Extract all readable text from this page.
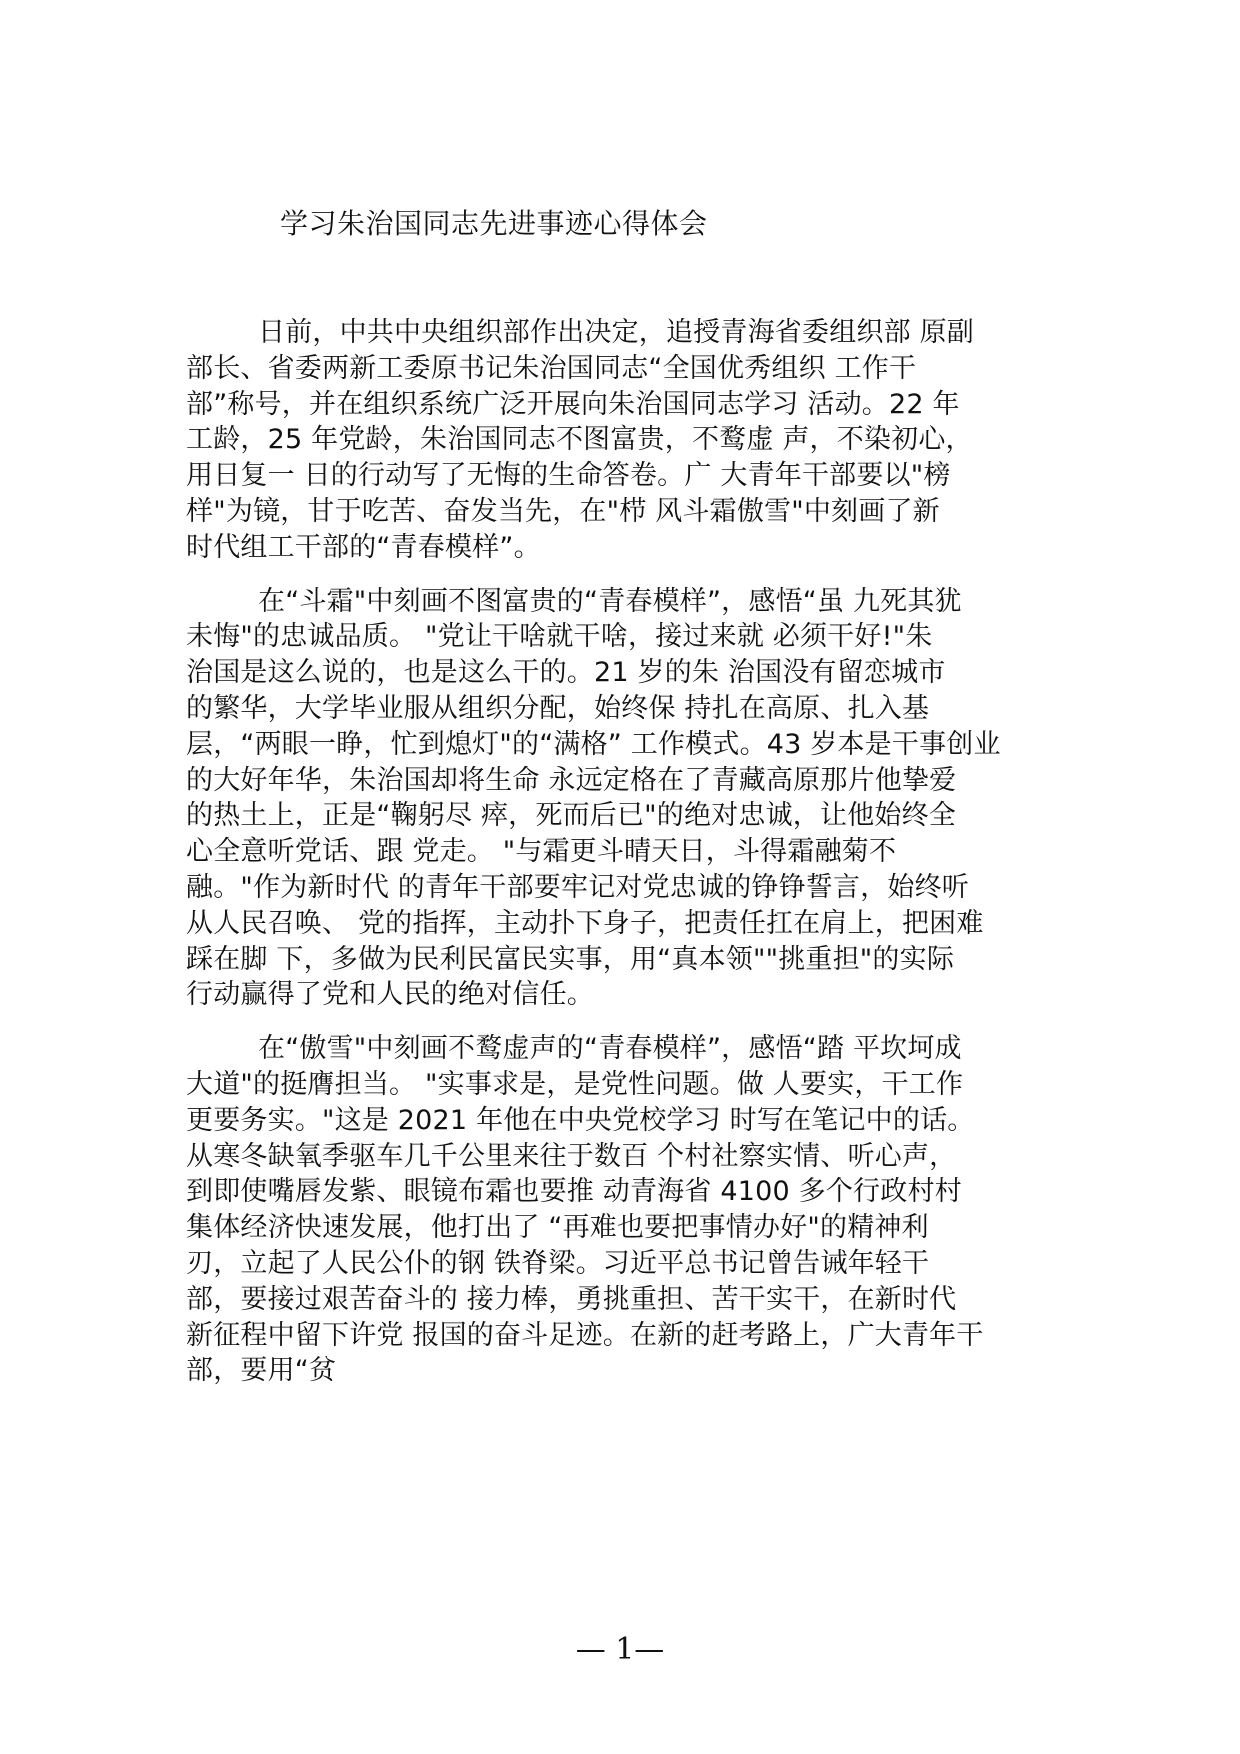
学习朱治国同志先进事迹心得体会
日前，中共中央组织部作出决定，追授青海省委组织部 原副
部长、省委两新工委原书记朱治国同志“全国优秀组织 工作干
部”称号，并在组织系统广泛开展向朱治国同志学习 活动。22 年
工龄，25 年党龄，朱治国同志不图富贵，不鹜虚 声，不染初心，
用日复一 日的行动写了无悔的生命答卷。广 大青年干部要以"榜
样"为镜，甘于吃苦、奋发当先，在"栉 风斗霜傲雪"中刻画了新
时代组工干部的“青春模样”。
在“斗霜"中刻画不图富贵的“青春模样”，感悟“虽 九死其犹
未悔"的忠诚品质。 "党让干啥就干啥，接过来就 必须干好!"朱
治国是这么说的，也是这么干的。21 岁的朱 治国没有留恋城市
的繁华，大学毕业服从组织分配，始终保 持扎在高原、扎入基
层，“两眼一睁，忙到熄灯"的“满格” 工作模式。43 岁本是干事创业
的大好年华，朱治国却将生命 永远定格在了青藏高原那片他挚爱
的热土上，正是“鞠躬尽 瘁，死而后已"的绝对忠诚，让他始终全
心全意听党话、跟 党走。 "与霜更斗晴天日，斗得霜融菊不
融。"作为新时代 的青年干部要牢记对党忠诚的铮铮誓言，始终听
从人民召唤、 党的指挥，主动扑下身子，把责任扛在肩上，把困难
踩在脚 下，多做为民利民富民实事，用“真本领""挑重担"的实际
行动赢得了党和人民的绝对信任。
在“傲雪"中刻画不鹜虚声的“青春模样”，感悟“踏 平坎坷成
大道"的挺膺担当。 "实事求是，是党性问题。做 人要实，干工作
更要务实。"这是 2021 年他在中央党校学习 时写在笔记中的话。
从寒冬缺氧季驱车几千公里来往于数百 个村社察实情、听心声，
到即使嘴唇发紫、眼镜布霜也要推 动青海省 4100 多个行政村村
集体经济快速发展，他打出了 “再难也要把事情办好"的精神利
刃，立起了人民公仆的钢 铁脊梁。习近平总书记曾告诫年轻干
部，要接过艰苦奋斗的 接力棒，勇挑重担、苦干实干，在新时代
新征程中留下许党 报国的奋斗足迹。在新的赶考路上，广大青年干
部，要用“贫
— 1—
